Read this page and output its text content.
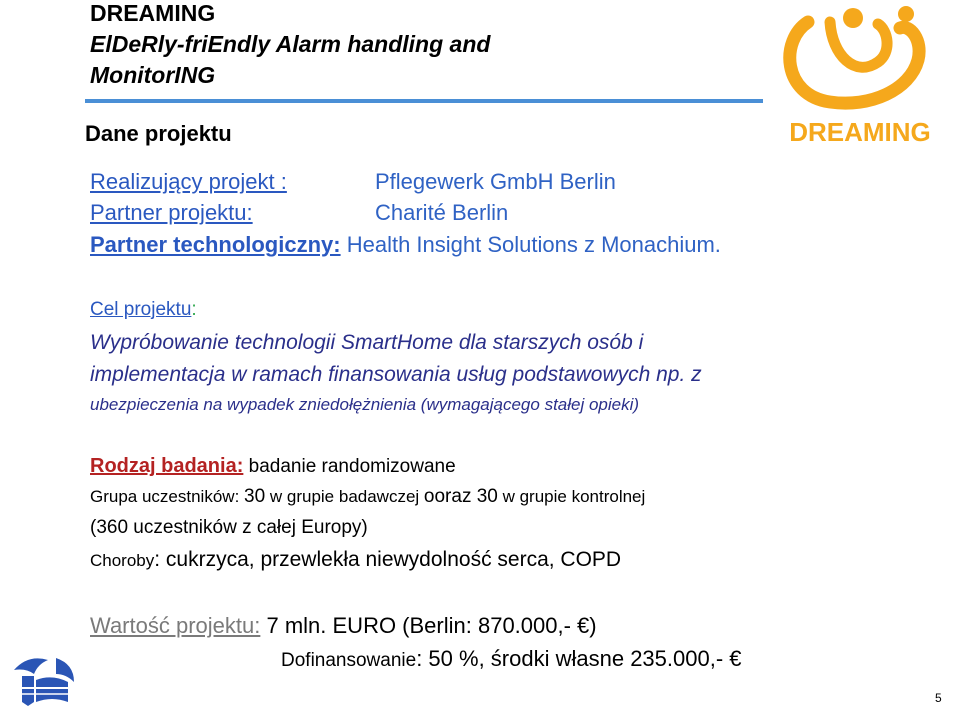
DREAMING
ElDeRly-friEndly Alarm handling and
MonitorING
DREAMING
Dane projektu
Realizujący projekt :	Pflegewerk GmbH Berlin
Partner projektu:	Charité Berlin
Partner technologiczny: Health Insight Solutions z Monachium.
Cel projektu:
Wypróbowanie technologii SmartHome dla starszych osób i
implementacja w ramach finansowania usług podstawowych np. z
ubezpieczenia na wypadek zniedołężnienia (wymagającego stałej opieki)
Rodzaj badania: badanie randomizowane
Grupa uczestników: 30 w grupie badawczej ooraz 30 w grupie kontrolnej
(360 uczestników z całej Europy)
Choroby: cukrzyca, przewlekła niewydolność serca, COPD
Wartość projektu: 7 mln. EURO (Berlin: 870.000,- €)
Dofinansowanie: 50 %, środki własne 235.000,- €
5
